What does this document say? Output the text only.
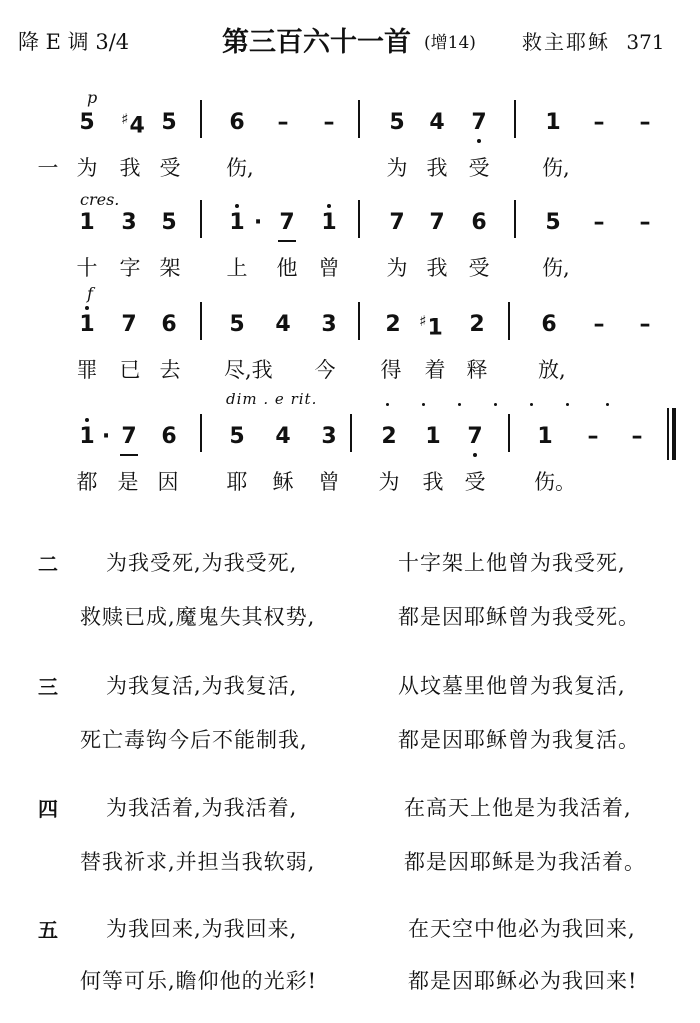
降 E 调 3/4	第三百六十一首 (增14) 救主耶稣 371
p
5	♯4 5	6	–	–	5	4	7	1	–	–
一 为	我 受	伤,	为 我	受	伤,
cres.
1	3	5	1 · 7	1	7	7	6	5	–	–
十	字 架	上	他	曾	为 我	受	伤,
f
1	7	6	5	4	3	2	♯1	2	6	–	–
罪	已 去	尽,我	今	得	着	释	放,
dim . e rit.
1 · 7	6	5	4	3	2	1	7	1	–	–
都 是 因	耶	稣	曾	为	我	受	伤。
二 为我受死,为我受死,	十字架上他曾为我受死,
救赎已成,魔鬼失其权势,	都是因耶稣曾为我受死。
三 为我复活,为我复活,	从坟墓里他曾为我复活,
死亡毒钩今后不能制我,	都是因耶稣曾为我复活。
四 为我活着,为我活着,	在高天上他是为我活着,
替我祈求,并担当我软弱,	都是因耶稣是为我活着。
五 为我回来,为我回来,	在天空中他必为我回来,
何等可乐,瞻仰他的光彩!	都是因耶稣必为我回来!
